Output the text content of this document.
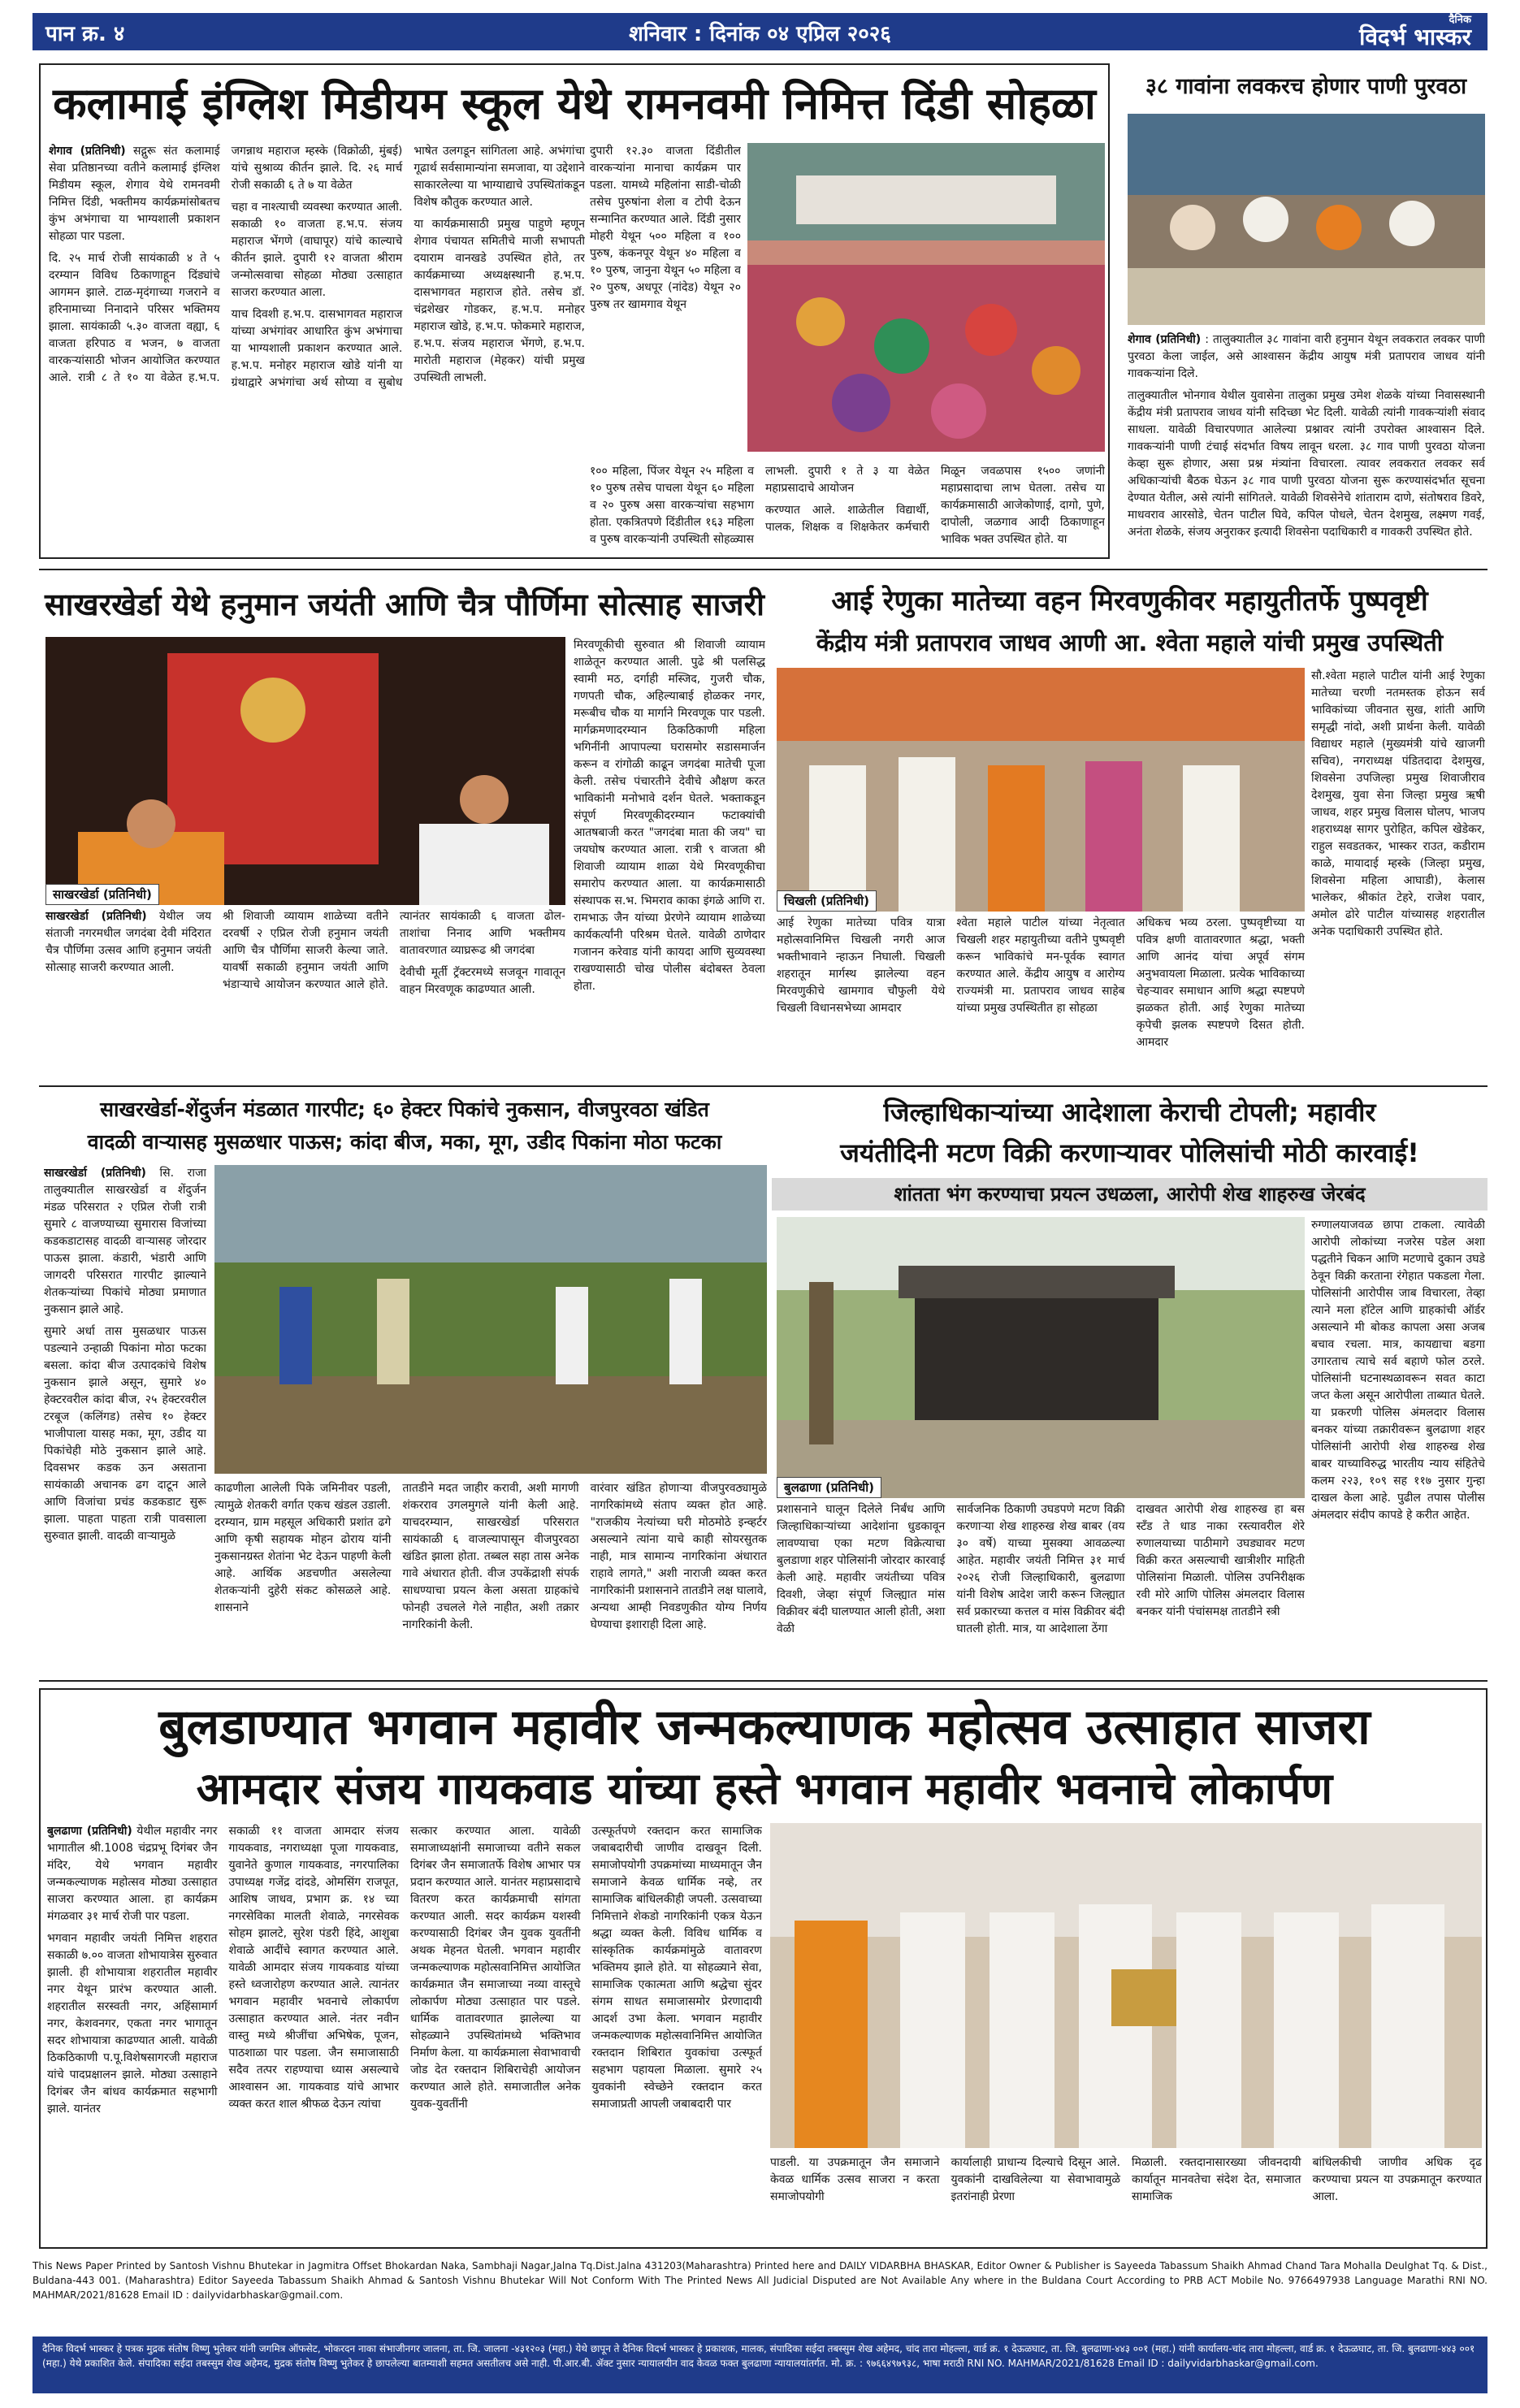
पान क्र. ४	शनिवार : दिनांक ०४ एप्रिल २०२६
दैनिक
विदर्भ भास्कर
कलामाई इंग्लिश मिडीयम स्कूल येथे रामनवमी निमित्त दिंडी सोहळा

शेगाव (प्रतिनिधी) सद्गुरू संत कलामाई सेवा प्रतिष्ठानच्या वतीने कलामाई इंग्लिश मिडीयम स्कूल, शेगाव येथे रामनवमी निमित्त दिंडी, भक्तीमय कार्यक्रमांसोबतच कुंभ अभंगाचा या भाग्यशाली प्रकाशन सोहळा पार पडला.

दि. २५ मार्च रोजी सायंकाळी ४ ते ५ दरम्यान विविध ठिकाणाहून दिंड्यांचे आगमन झाले. टाळ-मृदंगाच्या गजराने व हरिनामाच्या निनादाने परिसर भक्तिमय झाला. सायंकाळी ५.३० वाजता वह्या, ६ वाजता हरिपाठ व भजन, ७ वाजता वारकऱ्यांसाठी भोजन आयोजित करण्यात आले. रात्री ८ ते १० या वेळेत ह.भ.प. जगन्नाथ महाराज म्हस्के (विक्रोळी, मुंबई) यांचे सुश्राव्य कीर्तन झाले. दि. २६ मार्च रोजी सकाळी ६ ते ७ या वेळेत

चहा व नाश्त्याची व्यवस्था करण्यात आली. सकाळी १० वाजता ह.भ.प. संजय महाराज भेंगणे (वाघापूर) यांचे काल्याचे कीर्तन झाले. दुपारी १२ वाजता श्रीराम जन्मोत्सवाचा सोहळा मोठ्या उत्साहात साजरा करण्यात आला.

याच दिवशी ह.भ.प. दासभागवत महाराज यांच्या अभंगांवर आधारित कुंभ अभंगाचा या भाग्यशाली प्रकाशन करण्यात आले. ह.भ.प. मनोहर महाराज खोडे यांनी या ग्रंथाद्वारे अभंगांचा अर्थ सोप्या व सुबोध भाषेत उलगडून सांगितला आहे. अभंगांचा गूढार्थ सर्वसामान्यांना समजावा, या उद्देशाने साकारलेल्या या भाग्याद्याचे उपस्थितांकडून विशेष कौतुक करण्यात आले.

या कार्यक्रमासाठी प्रमुख पाहुणे म्हणून शेगाव पंचायत समितीचे माजी सभापती दयाराम वानखडे उपस्थित होते, तर कार्यक्रमाच्या अध्यक्षस्थानी ह.भ.प. दासभागवत महाराज होते. तसेच डॉ. चंद्रशेखर गोडकर, ह.भ.प. मनोहर महाराज खोडे, ह.भ.प. फोकमारे महाराज, ह.भ.प. संजय महाराज भेंगणे, ह.भ.प. मारोती महाराज (मेहकर) यांची प्रमुख उपस्थिती लाभली.

दुपारी १२.३० वाजता दिंडीतील वारकऱ्यांना मानाचा कार्यक्रम पार पडला. यामध्ये महिलांना साडी-चोळी तसेच पुरुषांना शेला व टोपी देऊन सन्मानित करण्यात आले. दिंडी नुसार मोहरी येथून ५०० महिला व १०० पुरुष, कंकनपूर येथून ४० महिला व १० पुरुष, जानुना येथून ५० महिला व २० पुरुष, अधपूर (नांदेड) येथून २० पुरुष तर खामगाव येथून

१०० महिला, पिंजर येथून २५ महिला व १० पुरुष तसेच पाचला येथून ६० महिला व २० पुरुष असा वारकऱ्यांचा सहभाग होता. एकत्रितपणे दिंडीतील १६३ महिला व पुरुष वारकऱ्यांनी उपस्थिती सोहळ्यास लाभली. दुपारी १ ते ३ या वेळेत महाप्रसादाचे आयोजन

करण्यात आले. शाळेतील विद्यार्थी, पालक, शिक्षक व शिक्षकेतर कर्मचारी मिळून जवळपास १५०० जणांनी महाप्रसादाचा लाभ घेतला. तसेच या कार्यक्रमासाठी आजेकोणाई, दागो, पुणे, दापोली, जळगाव आदी ठिकाणाहून भाविक भक्त उपस्थित होते. या

३८ गावांना लवकरच होणार पाणी पुरवठा

शेगाव (प्रतिनिधी) : तालुक्यातील ३८ गावांना वारी हनुमान येथून लवकरात लवकर पाणी पुरवठा केला जाईल, असे आश्वासन केंद्रीय आयुष मंत्री प्रतापराव जाधव यांनी गावकऱ्यांना दिले.

तालुक्यातील भोनगाव येथील युवासेना तालुका प्रमुख उमेश शेळके यांच्या निवासस्थानी केंद्रीय मंत्री प्रतापराव जाधव यांनी सदिच्छा भेट दिली. यावेळी त्यांनी गावकऱ्यांशी संवाद साधला. यावेळी विचारपणात आलेल्या प्रश्नावर त्यांनी उपरोक्त आश्वासन दिले. गावकऱ्यांनी पाणी टंचाई संदर्भात विषय लावून धरला. ३८ गाव पाणी पुरवठा योजना केव्हा सुरू होणार, असा प्रश्न मंत्र्यांना विचारला. त्यावर लवकरात लवकर सर्व अधिकाऱ्यांची बैठक घेऊन ३८ गाव पाणी पुरवठा योजना सुरू करण्यासंदर्भात सूचना देण्यात येतील, असे त्यांनी सांगितले. यावेळी शिवसेनेचे शांताराम दाणे, संतोषराव डिवरे, माधवराव आरसोडे, चेतन पाटील घिवे, कपिल पोधले, चेतन देशमुख, लक्ष्मण गवई, अनंता शेळके, संजय अनुराकर इत्यादी शिवसेना पदाधिकारी व गावकरी उपस्थित होते.

साखरखेर्डा येथे हनुमान जयंती आणि चैत्र पौर्णिमा सोत्साह साजरी
साखरखेर्डा (प्रतिनिधी)

साखरखेर्डा (प्रतिनिधी) येथील जय संताजी नगरमधील जगदंबा देवी मंदिरात चैत्र पौर्णिमा उत्सव आणि हनुमान जयंती सोत्साह साजरी करण्यात आली.

श्री शिवाजी व्यायाम शाळेच्या वतीने दरवर्षी २ एप्रिल रोजी हनुमान जयंती आणि चैत्र पौर्णिमा साजरी केल्या जाते. यावर्षी सकाळी हनुमान जयंती आणि भंडाऱ्याचे आयोजन करण्यात आले होते. त्यानंतर सायंकाळी ६ वाजता ढोल-ताशांचा निनाद आणि भक्तीमय वातावरणात व्याघ्ररूढ श्री जगदंबा

देवीची मूर्ती ट्रॅक्टरमध्ये सजवून गावातून वाहन मिरवणूक काढण्यात आली.

मिरवणूकीची सुरुवात श्री शिवाजी व्यायाम शाळेतून करण्यात आली. पुढे श्री पलसिद्ध स्वामी मठ, दर्गाही मस्जिद, गुजरी चौक, गणपती चौक, अहिल्याबाई होळकर नगर, मरूबीच चौक या मार्गाने मिरवणूक पार पडली. मार्गक्रमणादरम्यान ठिकठिकाणी महिला भगिनींनी आपापल्या घरासमोर सडासमार्जन करून व रांगोळी काढून जगदंबा मातेची पूजा केली. तसेच पंचारतीने देवीचे औक्षण करत भाविकांनी मनोभावे दर्शन घेतले. भक्ताकडून संपूर्ण मिरवणूकीदरम्यान फटाक्यांची आतषबाजी करत "जगदंबा माता की जय" चा जयघोष करण्यात आला. रात्री ९ वाजता श्री शिवाजी व्यायाम शाळा येथे मिरवणूकीचा समारोप करण्यात आला. या कार्यक्रमासाठी संस्थापक स.भ. भिमराव काका इंगळे आणि रा. रामभाऊ जैन यांच्या प्रेरणेने व्यायाम शाळेच्या कार्यकर्त्यांनी परिश्रम घेतले. यावेळी ठाणेदार गजानन करेवाड यांनी कायदा आणि सुव्यवस्था राखण्यासाठी चोख पोलीस बंदोबस्त ठेवला होता.

आई रेणुका मातेच्या वहन मिरवणुकीवर महायुतीतर्फे पुष्पवृष्टी
केंद्रीय मंत्री प्रतापराव जाधव आणी आ. श्वेता महाले यांची प्रमुख उपस्थिती
चिखली (प्रतिनिधी)

आई रेणुका मातेच्या पवित्र यात्रा महोत्सवानिमित्त चिखली नगरी आज भक्तीभावाने न्हाऊन निघाली. चिखली शहरातून मार्गस्थ झालेल्या वहन मिरवणुकीचे खामगाव चौफुली येथे चिखली विधानसभेच्या आमदार

श्वेता महाले पाटील यांच्या नेतृत्वात चिखली शहर महायुतीच्या वतीने पुष्पवृष्टी करून भाविकांचे मन-पूर्वक स्वागत करण्यात आले. केंद्रीय आयुष व आरोग्य राज्यमंत्री मा. प्रतापराव जाधव साहेब यांच्या प्रमुख उपस्थितीत हा सोहळा

अधिकच भव्य ठरला. पुष्पवृष्टीच्या या पवित्र क्षणी वातावरणात श्रद्धा, भक्ती आणि आनंद यांचा अपूर्व संगम अनुभवायला मिळाला. प्रत्येक भाविकाच्या चेहऱ्यावर समाधान आणि श्रद्धा स्पष्टपणे झळकत होती. आई रेणुका मातेच्या कृपेची झलक स्पष्टपणे दिसत होती. आमदार

सौ.श्वेता महाले पाटील यांनी आई रेणुका मातेच्या चरणी नतमस्तक होऊन सर्व भाविकांच्या जीवनात सुख, शांती आणि समृद्धी नांदो, अशी प्रार्थना केली. यावेळी विद्याधर महाले (मुख्यमंत्री यांचे खाजगी सचिव), नगराध्यक्ष पंडितदादा देशमुख, शिवसेना उपजिल्हा प्रमुख शिवाजीराव देशमुख, युवा सेना जिल्हा प्रमुख ऋषी जाधव, शहर प्रमुख विलास घोलप, भाजप शहराध्यक्ष सागर पुरोहित, कपिल खेडेकर, राहुल सवडतकर, भास्कर राउत, कडीराम काळे, मायादाई म्हस्के (जिल्हा प्रमुख, शिवसेना महिला आघाडी), केलास भालेकर, श्रीकांत टेहरे, राजेश पवार, अमोल ढोरे पाटील यांच्यासह शहरातील अनेक पदाधिकारी उपस्थित होते.

साखरखेर्डा-शेंदुर्जन मंडळात गारपीट; ६० हेक्टर पिकांचे नुकसान, वीजपुरवठा खंडित
वादळी वाऱ्यासह मुसळधार पाऊस; कांदा बीज, मका, मूग, उडीद पिकांना मोठा फटका

साखरखेर्डा (प्रतिनिधी) सि. राजा तालुक्यातील साखरखेर्डा व शेंदुर्जन मंडळ परिसरात २ एप्रिल रोजी रात्री सुमारे ८ वाजण्याच्या सुमारास विजांच्या कडकडाटासह वादळी वाऱ्यासह जोरदार पाऊस झाला. कंडारी, भंडारी आणि जागदरी परिसरात गारपीट झाल्याने शेतकऱ्यांच्या पिकांचे मोठ्या प्रमाणात नुकसान झाले आहे.

सुमारे अर्धा तास मुसळधार पाऊस पडल्याने उन्हाळी पिकांना मोठा फटका बसला. कांदा बीज उत्पादकांचे विशेष नुकसान झाले असून, सुमारे ४० हेक्टरवरील कांदा बीज, २५ हेक्टरवरील टरबूज (कलिंगड) तसेच १० हेक्टर भाजीपाला यासह मका, मूग, उडीद या पिकांचेही मोठे नुकसान झाले आहे. दिवसभर कडक ऊन असताना सायंकाळी अचानक ढग दाटून आले आणि विजांचा प्रचंड कडकडाट सुरू झाला. पाहता पाहता रात्री पावसाला सुरुवात झाली. वादळी वाऱ्यामुळे

काढणीला आलेली पिके जमिनीवर पडली, त्यामुळे शेतकरी वर्गात एकच खंडल उडाली. दरम्यान, ग्राम महसूल अधिकारी प्रशांत ढगे आणि कृषी सहायक मोहन ढोराय यांनी नुकसानग्रस्त शेतांना भेट देऊन पाहणी केली आहे. आर्थिक अडचणीत असलेल्या शेतकऱ्यांनी दुहेरी संकट कोसळले आहे. शासनाने

तातडीने मदत जाहीर करावी, अशी मागणी शंकरराव उगलमुगले यांनी केली आहे. याचदरम्यान, साखरखेर्डा परिसरात सायंकाळी ६ वाजल्यापासून वीजपुरवठा खंडित झाला होता. तब्बल सहा तास अनेक गावे अंधारात होती. वीज उपकेंद्राशी संपर्क साधण्याचा प्रयत्न केला असता ग्राहकांचे फोनही उचलले गेले नाहीत, अशी तक्रार नागरिकांनी केली.

वारंवार खंडित होणाऱ्या वीजपुरवठ्यामुळे नागरिकांमध्ये संताप व्यक्त होत आहे. "राजकीय नेत्यांच्या घरी मोठमोठे इन्व्हर्टर असल्याने त्यांना याचे काही सोयरसुतक नाही, मात्र सामान्य नागरिकांना अंधारात राहावे लागते," अशी नाराजी व्यक्त करत नागरिकांनी प्रशासनाने तातडीने लक्ष घालावे, अन्यथा आम्ही निवडणुकीत योग्य निर्णय घेण्याचा इशाराही दिला आहे.

जिल्हाधिकाऱ्यांच्या आदेशाला केराची टोपली; महावीर
जयंतीदिनी मटण विक्री करणाऱ्यावर पोलिसांची मोठी कारवाई!
शांतता भंग करण्याचा प्रयत्न उधळला, आरोपी शेख शाहरुख जेरबंद
बुलढाणा (प्रतिनिधी)

प्रशासनाने घालून दिलेले निर्बंध आणि जिल्हाधिकाऱ्यांच्या आदेशांना धुडकावून लावण्याचा एका मटण विक्रेत्याचा बुलडाणा शहर पोलिसांनी जोरदार कारवाई केली आहे. महावीर जयंतीच्या पवित्र दिवशी, जेव्हा संपूर्ण जिल्ह्यात मांस विक्रीवर बंदी घालण्यात आली होती, अशा वेळी

सार्वजनिक ठिकाणी उघडपणे मटण विक्री करणाऱ्या शेख शाहरुख शेख बाबर (वय ३० वर्षे) याच्या मुसक्या आवळल्या आहेत. महावीर जयंती निमित्त ३१ मार्च २०२६ रोजी जिल्हाधिकारी, बुलढाणा यांनी विशेष आदेश जारी करून जिल्ह्यात सर्व प्रकारच्या कत्तल व मांस विक्रीवर बंदी घातली होती. मात्र, या आदेशाला ठेंगा

दाखवत आरोपी शेख शाहरुख हा बस स्टँड ते धाड नाका रस्त्यावरील शेरे रुणालयाच्या पाठीमागे उघड्यावर मटण विक्री करत असल्याची खात्रीशीर माहिती पोलिसांना मिळाली. पोलिस उपनिरीक्षक रवी मोरे आणि पोलिस अंमलदार विलास बनकर यांनी पंचांसमक्ष तातडीने स्त्री

रुग्णालयाजवळ छापा टाकला. त्यावेळी आरोपी लोकांच्या नजरेस पडेल अशा पद्धतीने चिकन आणि मटणाचे दुकान उघडे ठेवून विक्री करताना रंगेहात पकडला गेला. पोलिसांनी आरोपीस जाब विचारला, तेव्हा त्याने मला हॉटेल आणि ग्राहकांची ऑर्डर असल्याने मी बोकड कापला असा अजब बचाव रचला. मात्र, कायद्याचा बडगा उगारताच त्याचे सर्व बहाणे फोल ठरले. पोलिसांनी घटनास्थळावरून सवत काटा जप्त केला असून आरोपीला ताब्यात घेतले. या प्रकरणी पोलिस अंमलदार विलास बनकर यांच्या तक्रारीवरून बुलढाणा शहर पोलिसांनी आरोपी शेख शाहरुख शेख बाबर याच्याविरुद्ध भारतीय न्याय संहितेचे कलम २२३, १०९ सह ११७ नुसार गुन्हा दाखल केला आहे. पुढील तपास पोलीस अंमलदार संदीप कापडे हे करीत आहेत.

बुलडाण्यात भगवान महावीर जन्मकल्याणक महोत्सव उत्साहात साजरा
आमदार संजय गायकवाड यांच्या हस्ते भगवान महावीर भवनाचे लोकार्पण

बुलढाणा (प्रतिनिधी) येथील महावीर नगर भागातील श्री.1008 चंद्रप्रभू दिगंबर जैन मंदिर, येथे भगवान महावीर जन्मकल्याणक महोत्सव मोठ्या उत्साहात साजरा करण्यात आला. हा कार्यक्रम मंगळवार ३१ मार्च रोजी पार पडला.

भगवान महावीर जयंती निमित्त शहरात सकाळी ७.०० वाजता शोभायात्रेस सुरुवात झाली. ही शोभायात्रा शहरातील महावीर नगर येथून प्रारंभ करण्यात आली. शहरातील सरस्वती नगर, अहिंसामार्ग नगर, केशवनगर, एकता नगर भागातून सदर शोभायात्रा काढण्यात आली. यावेळी ठिकठिकाणी प.पू.विशेषसागरजी महाराज यांचे पादप्रक्षालन झाले. मोठ्या उत्साहाने दिगंबर जैन बांधव कार्यक्रमात सहभागी झाले. यानंतर

सकाळी ११ वाजता आमदार संजय गायकवाड, नगराध्यक्षा पूजा गायकवाड, युवानेते कुणाल गायकवाड, नगरपालिका उपाध्यक्ष गजेंद्र दांदडे, ओमसिंग राजपूत, आशिष जाधव, प्रभाग क्र. १४ च्या नगरसेविका मालती शेवाळे, नगरसेवक सोहम झालटे, सुरेश पंडरी हिंदे, आशुबा शेवाळे आदींचे स्वागत करण्यात आले. यावेळी आमदार संजय गायकवाड यांच्या हस्ते ध्वजारोहण करण्यात आले. त्यानंतर भगवान महावीर भवनाचे लोकार्पण उत्साहात करण्यात आले. नंतर नवीन वास्तु मध्ये श्रीजींचा अभिषेक, पूजन, पाठशाळा पार पडला. जैन समाजासाठी सदैव तत्पर राहण्याचा ध्यास असल्याचे आश्वासन आ. गायकवाड यांचे आभार व्यक्त करत शाल श्रीफळ देऊन त्यांचा

सत्कार करण्यात आला. यावेळी समाजाध्यक्षांनी समाजाच्या वतीने सकल दिगंबर जैन समाजातर्फे विशेष आभार पत्र प्रदान करण्यात आले. यानंतर महाप्रसादाचे वितरण करत कार्यक्रमाची सांगता करण्यात आली. सदर कार्यक्रम यशस्वी करण्यासाठी दिगंबर जैन युवक युवतींनी अथक मेहनत घेतली. भगवान महावीर जन्मकल्याणक महोत्सवानिमित्त आयोजित कार्यक्रमात जैन समाजाच्या नव्या वास्तूचे लोकार्पण मोठ्या उत्साहात पार पडले. धार्मिक वातावरणात झालेल्या या सोहळ्याने उपस्थितांमध्ये भक्तिभाव निर्माण केला. या कार्यक्रमाला सेवाभावाची जोड देत रक्तदान शिबिराचेही आयोजन करण्यात आले होते. समाजातील अनेक युवक-युवतींनी

उत्स्फूर्तपणे रक्तदान करत सामाजिक जबाबदारीची जाणीव दाखवून दिली. समाजोपयोगी उपक्रमांच्या माध्यमातून जैन समाजाने केवळ धार्मिक नव्हे, तर सामाजिक बांधिलकीही जपली. उत्सवाच्या निमित्ताने शेकडो नागरिकांनी एकत्र येऊन श्रद्धा व्यक्त केली. विविध धार्मिक व सांस्कृतिक कार्यक्रमांमुळे वातावरण भक्तिमय झाले होते. या सोहळ्याने सेवा, सामाजिक एकात्मता आणि श्रद्धेचा सुंदर संगम साधत समाजासमोर प्रेरणादायी आदर्श उभा केला. भगवान महावीर जन्मकल्याणक महोत्सवानिमित्त आयोजित रक्तदान शिबिरात युवकांचा उत्स्फूर्त सहभाग पहायला मिळाला. सुमारे २५ युवकांनी स्वेच्छेने रक्तदान करत समाजाप्रती आपली जबाबदारी पार

पाडली. या उपक्रमातून जैन समाजाने केवळ धार्मिक उत्सव साजरा न करता समाजोपयोगी

कार्यालाही प्राधान्य दिल्याचे दिसून आले. युवकांनी दाखविलेल्या या सेवाभावामुळे इतरांनाही प्रेरणा

मिळाली. रक्तदानासारख्या जीवनदायी कार्यातून मानवतेचा संदेश देत, समाजात सामाजिक

बांधिलकीची जाणीव अधिक दृढ करण्याचा प्रयत्न या उपक्रमातून करण्यात आला.

This News Paper Printed by Santosh Vishnu Bhutekar in Jagmitra Offset Bhokardan Naka, Sambhaji Nagar,Jalna Tq.Dist.Jalna 431203(Maharashtra) Printed here and DAILY VIDARBHA BHASKAR, Editor Owner & Publisher is Sayeeda Tabassum Shaikh Ahmad Chand Tara Mohalla Deulghat Tq. & Dist., Buldana-443 001. (Maharashtra) Editor Sayeeda Tabassum Shaikh Ahmad & Santosh Vishnu Bhutekar Will Not Conform With The Printed News All Judicial Disputed are Not Available Any where in the Buldana Court According to PRB ACT Mobile No. 9766497938 Language Marathi RNI NO. MAHMAR/2021/81628 Email ID : dailyvidarbhaskar@gmail.com.
दैनिक विदर्भ भास्कर हे पत्रक मुद्रक संतोष विष्णु भुतेकर यांनी जगमित्र ऑफसेट, भोकरदन नाका संभाजीनगर जालना, ता. जि. जालना -४३१२०३ (महा.) येथे छापून ते दैनिक विदर्भ भास्कर हे प्रकाशक, मालक, संपादिका सईदा तबस्सुम शेख अहेमद, चांद तारा मोहल्ला, वार्ड क्र. १ देऊळघाट, ता. जि. बुलढाणा-४४३ ००१ (महा.) यांनी कार्यालय-चांद तारा मोहल्ला, वार्ड क्र. १ देऊळघाट, ता. जि. बुलढाणा-४४३ ००१ (महा.) येथे प्रकाशित केले. संपादिका सईदा तबस्सुम शेख अहेमद, मुद्रक संतोष विष्णु भुतेकर हे छापलेल्या बातम्याशी सहमत असतीलच असे नाही. पी.आर.बी. ॲक्ट नुसार न्यायालयीन वाद केवळ फक्त बुलढाणा न्यायालयांतर्गत. मो. क्र. : ९७६६४९७९३८, भाषा मराठी RNI NO. MAHMAR/2021/81628 Email ID : dailyvidarbhaskar@gmail.com.
